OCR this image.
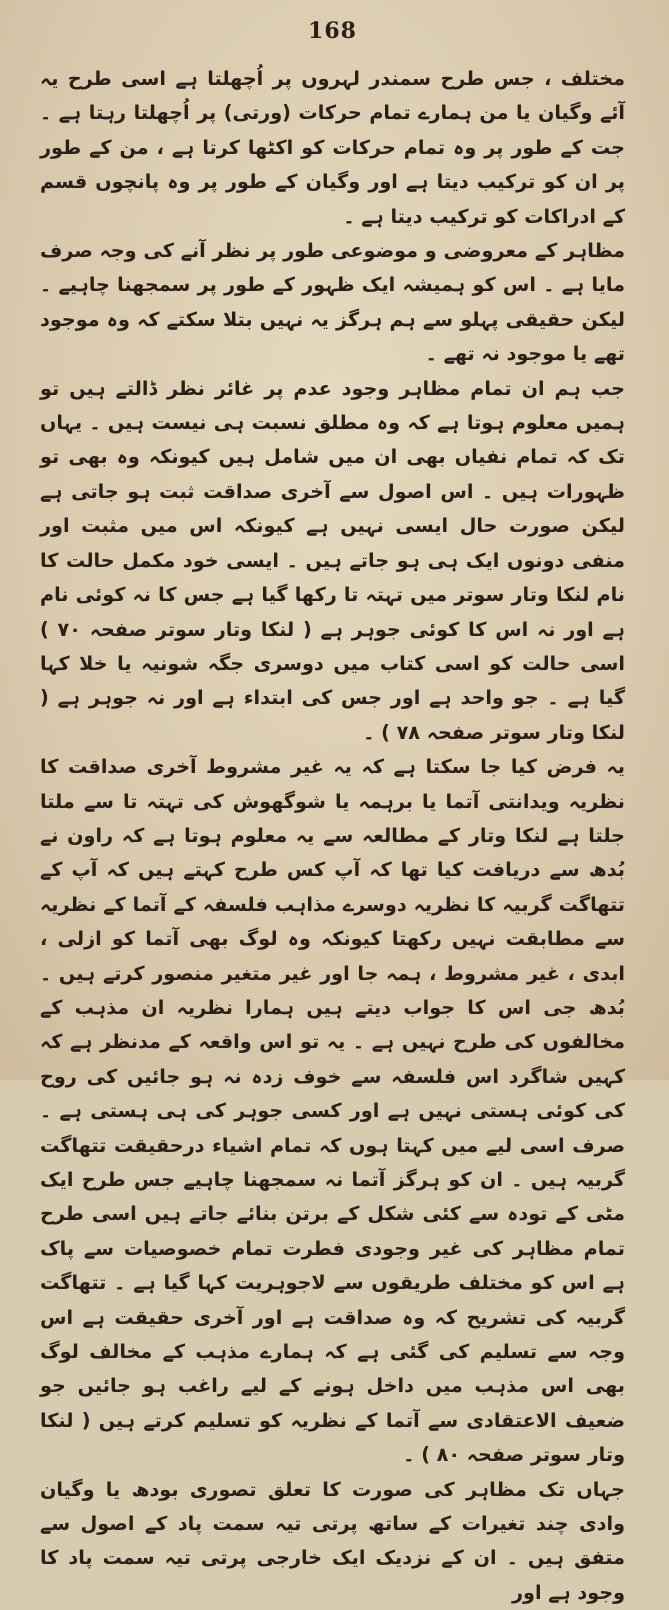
168

مختلف ، جس طرح سمندر لہروں پر اُچھلتا ہے اسی طرح یہ آئے وگیان یا من ہمارے تمام حرکات (ورتی) پر اُچھلتا رہتا ہے ۔ جت کے طور پر وہ تمام حرکات کو اکٹھا کرتا ہے ، من کے طور پر ان کو ترکیب دیتا ہے اور وگیان کے طور پر وہ پانچوں قسم کے ادراکات کو ترکیب دیتا ہے ۔

مظاہر کے معروضی و موضوعی طور پر نظر آنے کی وجہ صرف مایا ہے ۔ اس کو ہمیشہ ایک ظہور کے طور پر سمجھنا چاہیے ۔ لیکن حقیقی پہلو سے ہم ہرگز یہ نہیں بتلا سکتے کہ وہ موجود تھے یا موجود نہ تھے ۔

جب ہم ان تمام مظاہر وجود عدم پر غائر نظر ڈالتے ہیں تو ہمیں معلوم ہوتا ہے کہ وہ مطلق نسبت ہی نیست ہیں ۔ یہاں تک کہ تمام نفیاں بھی ان میں شامل ہیں کیونکہ وہ بھی تو ظہورات ہیں ۔ اس اصول سے آخری صداقت ثبت ہو جاتی ہے لیکن صورت حال ایسی نہیں ہے کیونکہ اس میں مثبت اور منفی دونوں ایک ہی ہو جاتے ہیں ۔ ایسی خود مکمل حالت کا نام لنکا وتار سوتر میں تہتہ تا رکھا گیا ہے جس کا نہ کوئی نام ہے اور نہ اس کا کوئی جوہر ہے ( لنکا وتار سوتر صفحہ ۷۰ ) اسی حالت کو اسی کتاب میں دوسری جگہ شونیہ یا خلا کہا گیا ہے ۔ جو واحد ہے اور جس کی ابتداء ہے اور نہ جوہر ہے ( لنکا وتار سوتر صفحہ ۷۸ ) ۔

یہ فرض کیا جا سکتا ہے کہ یہ غیر مشروط آخری صداقت کا نظریہ ویدانتی آتما یا برہمہ یا شوگھوش کی تہتہ تا سے ملتا جلتا ہے لنکا وتار کے مطالعہ سے یہ معلوم ہوتا ہے کہ راون نے بُدھ سے دریافت کیا تھا کہ آپ کس طرح کہتے ہیں کہ آپ کے تتھاگت گربیہ کا نظریہ دوسرے مذاہب فلسفہ کے آتما کے نظریہ سے مطابقت نہیں رکھتا کیونکہ وہ لوگ بھی آتما کو ازلی ، ابدی ، غیر مشروط ، ہمہ جا اور غیر متغیر منصور کرتے ہیں ۔ بُدھ جی اس کا جواب دیتے ہیں ہمارا نظریہ ان مذہب کے مخالفوں کی طرح نہیں ہے ۔ یہ تو اس واقعہ کے مدنظر ہے کہ کہیں شاگرد اس فلسفہ سے خوف زدہ نہ ہو جائیں کی روح کی کوئی ہستی نہیں ہے اور کسی جوہر کی ہی ہستی ہے ۔ صرف اسی لیے میں کہتا ہوں کہ تمام اشیاء درحقیقت تتھاگت گربیہ ہیں ۔ ان کو ہرگز آتما نہ سمجھنا چاہیے جس طرح ایک مٹی کے تودہ سے کئی شکل کے برتن بنائے جاتے ہیں اسی طرح تمام مظاہر کی غیر وجودی فطرت تمام خصوصیات سے پاک ہے اس کو مختلف طریقوں سے لاجوہریت کہا گیا ہے ۔ تتھاگت گربیہ کی تشریح کہ وہ صداقت ہے اور آخری حقیقت ہے اس وجہ سے تسلیم کی گئی ہے کہ ہمارے مذہب کے مخالف لوگ بھی اس مذہب میں داخل ہونے کے لیے راغب ہو جائیں جو ضعیف الاعتقادی سے آتما کے نظریہ کو تسلیم کرتے ہیں ( لنکا وتار سوتر صفحہ ۸۰ ) ۔

جہاں تک مظاہر کی صورت کا تعلق تصوری بودھ یا وگیان وادی چند تغیرات کے ساتھ پرتی تیہ سمت پاد کے اصول سے متفق ہیں ۔ ان کے نزدیک ایک خارجی پرتی تیہ سمت پاد کا وجود ہے اور
